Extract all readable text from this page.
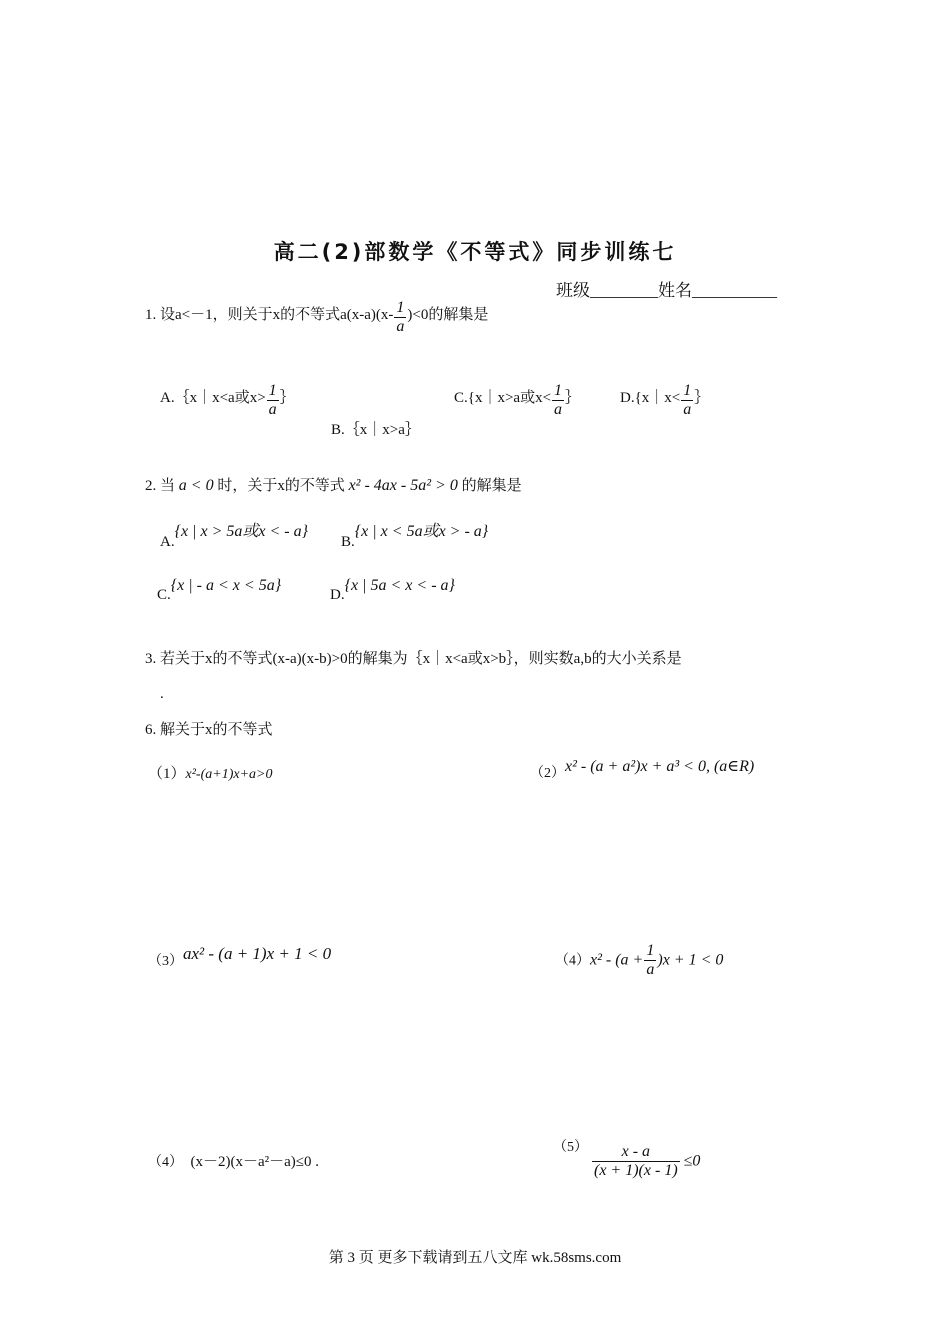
高二(2)部数学《不等式》同步训练七
班级________姓名__________
1. 设a<－1，则关于x的不等式$a(x-a)(x- \frac{1}{a} )<0$的解集是
A.｛x｜x<a或$x> \frac{1}{a}$ ｝
B.｛x｜x>a｝
C.{x｜x>a或$x< \frac{1}{a}$ ｝	D.{x｜x< $\frac{1}{a}$ ｝
2. 当 a < 0 时，关于x的不等式 x² - 4ax - 5a² > 0 的解集是
A.{x | x > 5a或x < - a}
B.{x | x < 5a或x > - a}
C.{x | - a < x < 5a}
D.{x | 5a < x < - a}
3. 若关于x的不等式(x-a)(x-b)>0的解集为｛x｜x<a或x>b｝，则实数a,b的大小关系是
.
6. 解关于x的不等式
（1）x²-(a+1)x+a>0	（2）x² - (a + a²)x + a³ < 0, (a∈R)
（3）ax² - (a + 1)x + 1 < 0	$(4)x^2 - (a + \frac{1}{a} )x + 1 < 0$
（4） (x－2)(x－a²－a)≤0 .
$(5) \frac{x - a}{(x + 1)(x - 1)} \le 0$
第 3 页 更多下载请到五八文库 wk.58sms.com
